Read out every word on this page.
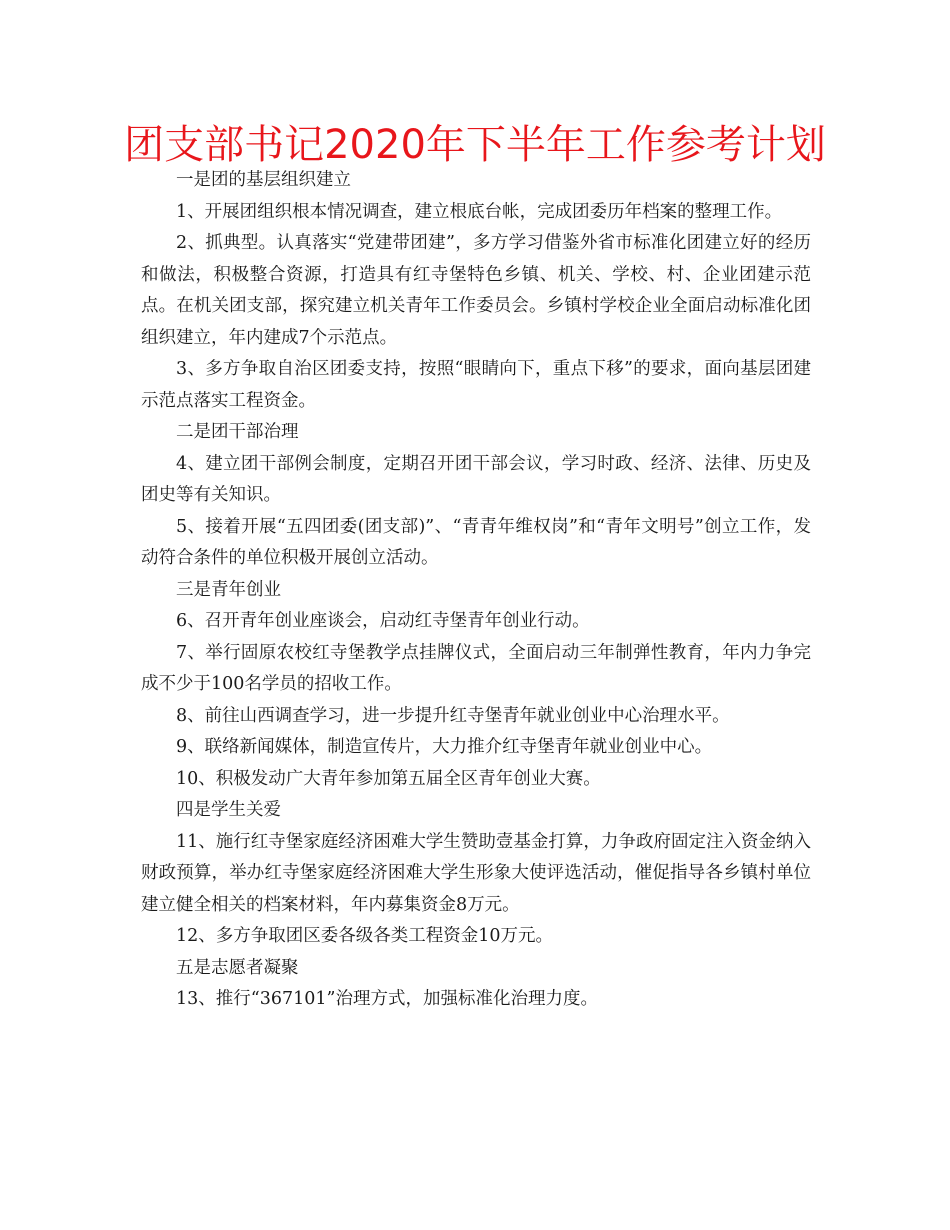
团支部书记2020年下半年工作参考计划

一是团的基层组织建立

1、开展团组织根本情况调查，建立根底台帐，完成团委历年档案的整理工作。

2、抓典型。认真落实“党建带团建”，多方学习借鉴外省市标准化团建立好的经历和做法，积极整合资源，打造具有红寺堡特色乡镇、机关、学校、村、企业团建示范点。在机关团支部，探究建立机关青年工作委员会。乡镇村学校企业全面启动标准化团组织建立，年内建成7个示范点。

3、多方争取自治区团委支持，按照“眼睛向下，重点下移”的要求，面向基层团建示范点落实工程资金。

二是团干部治理

4、建立团干部例会制度，定期召开团干部会议，学习时政、经济、法律、历史及团史等有关知识。

5、接着开展“五四团委(团支部)”、“青青年维权岗”和“青年文明号”创立工作，发动符合条件的单位积极开展创立活动。

三是青年创业

6、召开青年创业座谈会，启动红寺堡青年创业行动。

7、举行固原农校红寺堡教学点挂牌仪式，全面启动三年制弹性教育，年内力争完成不少于100名学员的招收工作。

8、前往山西调查学习，进一步提升红寺堡青年就业创业中心治理水平。

9、联络新闻媒体，制造宣传片，大力推介红寺堡青年就业创业中心。

10、积极发动广大青年参加第五届全区青年创业大赛。

四是学生关爱

11、施行红寺堡家庭经济困难大学生赞助壹基金打算，力争政府固定注入资金纳入财政预算，举办红寺堡家庭经济困难大学生形象大使评选活动，催促指导各乡镇村单位建立健全相关的档案材料，年内募集资金8万元。

12、多方争取团区委各级各类工程资金10万元。

五是志愿者凝聚

13、推行“367101”治理方式，加强标准化治理力度。
